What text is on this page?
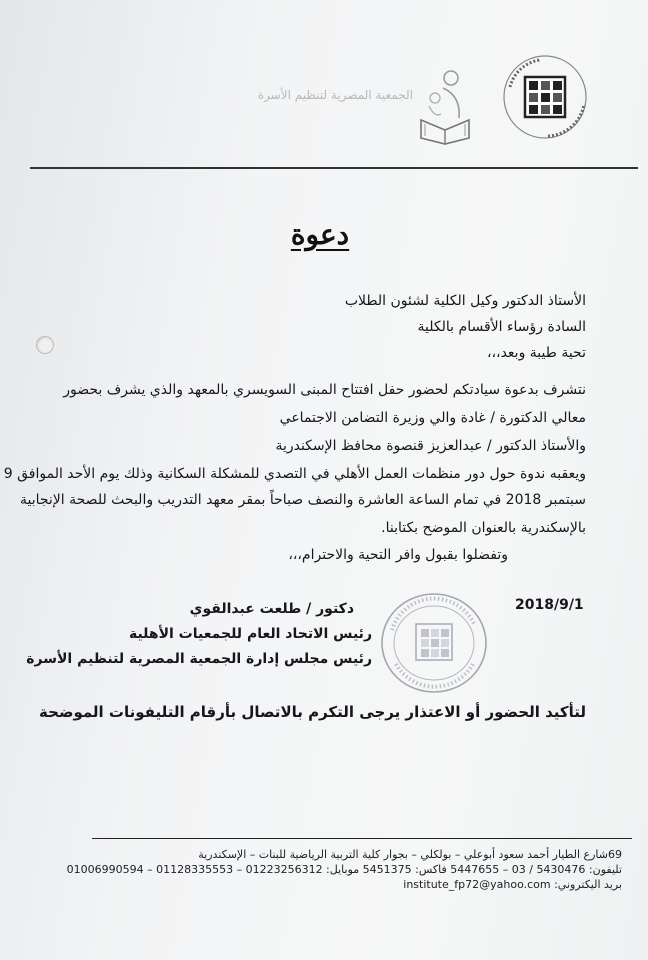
الجمعية المصرية لتنظيم الأسرة
دعوة
الأستاذ الدكتور وكيل الكلية لشئون الطلاب
السادة رؤساء الأقسام بالكلية
تحية طيبة وبعد،،،
نتشرف بدعوة سيادتكم لحضور حفل افتتاح المبنى السويسري بالمعهد والذي يشرف بحضور
معالي الدكتورة / غادة والي وزيرة التضامن الاجتماعي
والأستاذ الدكتور / عبدالعزيز قنصوة محافظ الإسكندرية
ويعقبه ندوة حول دور منظمات العمل الأهلي في التصدي للمشكلة السكانية وذلك يوم الأحد الموافق 9
سبتمبر 2018 في تمام الساعة العاشرة والنصف صباحاً بمقر معهد التدريب والبحث للصحة الإنجابية
بالإسكندرية بالعنوان الموضح بكتابنا.
وتفضلوا بقبول وافر التحية والاحترام،،،
2018/9/1
دكتور / طلعت عبدالقوي
رئيس الاتحاد العام للجمعيات الأهلية
رئيس مجلس إدارة الجمعية المصرية لتنظيم الأسرة
لتأكيد الحضور أو الاعتذار يرجى التكرم بالاتصال بأرقام التليفونات الموضحة
69شارع الطيار أحمد سعود أبوعلي – بولكلي – بجوار كلية التربية الرياضية للبنات – الإسكندرية
تليفون: 5430476 / 03 – 5447655 فاكس: 5451375 موبايل: 01223256312 – 01128335553 – 01006990594
بريد اليكتروني: institute_fp72@yahoo.com
